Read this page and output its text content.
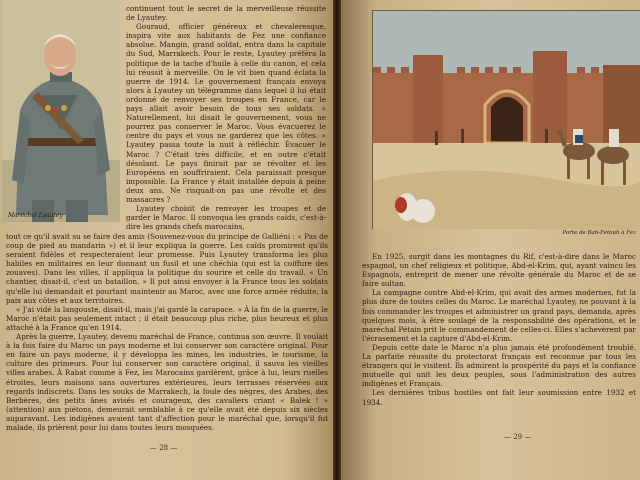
Maréchal Lyautey

continuent tout le secret de la merveilleuse réussite de Lyautey.

Gouraud, officier généreux et chevaleresque, inspira vite aux habitants de Fez une confiance absolue. Mangin, grand soldat, entra dans la capitale du Sud, Marrakech. Pour le reste, Lyautey préféra la politique de la tache d'huile à celle du canon, et cela lui réussit à merveille. On le vit bien quand éclata la guerre de 1914. Le gouvernement français envoya alors à Lyautey un télégramme dans lequel il lui était ordonné de renvoyer ses troupes en France, car le pays allait avoir besoin de tous ses soldats. « Naturellement, lui disait le gouvernement, vous ne pourrez pas conserver le Maroc. Vous évacuerez le centre du pays et vous ne garderez que les côtes. » Lyautey passa toute la nuit à réfléchir. Évacuer le Maroc ? C'était très difficile, et en outre c'était désolant. Le pays finirait par se révolter et les Européens en souffriraient. Cela paraissait presque impossible. La France y était installée depuis à peine deux ans. Ne risquait-on pas une révolte et des massacres ?

Lyautey choisit de renvoyer les troupes et de garder le Maroc. Il convoqua les grands caïds, c'est-à-dire les grands chefs marocains,

tout ce qu'il avait su se faire des amis (Souvenez-vous du principe de Galliéni : « Pas de coup de pied au mandarin ») et il leur expliqua la guerre. Les caïds promirent qu'ils seraient fidèles et respecteraient leur promesse. Puis Lyautey transforma les plus habiles en militaires en leur donnant un fusil et une chéchia (qui est la coiffure des zouaves). Dans les villes, il appliqua la politique du sourire et celle du travail. « Un chantier, disait-il, c'est un bataillon. » Il put ainsi envoyer à la France tous les soldats qu'elle lui demandait et pourtant maintenir au Maroc, avec une force armée réduite, la paix aux côtes et aux territoires.

« J'ai vidé la langouste, disait-il, mais j'ai gardé la carapace. » À la fin de la guerre, le Maroc n'était pas seulement intact ; il était beaucoup plus riche, plus heureux et plus attaché à la France qu'en 1914.

Après la guerre, Lyautey, devenu maréchal de France, continua son œuvre. Il voulait à la fois faire du Maroc un pays moderne et lui conserver son caractère original. Pour en faire un pays moderne, il y développa les mines, les industries, le tourisme, la culture des primeurs. Pour lui conserver son caractère original, il sauva les vieilles villes arabes. À Rabat comme à Fez, les Marocains gardèrent, grâce à lui, leurs ruelles étroites, leurs maisons sans ouvertures extérieures, leurs terrasses réservées aux regards indiscrets. Dans les souks de Marrakech, la foule des nègres, des Arabes, des Berbères, des petits ânes avisés et courageux, des cavaliers criant « Balek ! » (attention) aux piétons, demeurait semblable à ce qu'elle avait été depuis six siècles auparavant. Les indigènes avaient tant d'affection pour le maréchal que, lorsqu'il fut malade, ils prièrent pour lui dans toutes leurs mosquées.

— 28 —
Porte de Bab-Fetouh à Fez

En 1925, surgit dans les montagnes du Rif, c'est-à-dire dans le Maroc espagnol, un chef religieux et politique, Abd-el-Krim, qui, ayant vaincu les Espagnols, entreprit de mener une révolte générale du Maroc et de se faire sultan.

La campagne contre Abd-el-Krim, qui avait des armes modernes, fut la plus dure de toutes celles du Maroc. Le maréchal Lyautey, ne pouvant à la fois commander les troupes et administrer un grand pays, demanda, après quelques mois, à être soulagé de la responsabilité des opérations, et le maréchal Pétain prit le commandement de celles-ci. Elles s'achevèrent par l'écrasement et la capture d'Abd-el-Krim.

Depuis cette date le Maroc n'a plus jamais été profondément troublé. La parfaite réussite du protectorat français est reconnue par tous les étrangers qui le visitent. Ils admirent la prospérité du pays et la confiance mutuelle qui unit les deux peuples, sous l'administration des autres indigènes et Français.

Les dernières tribus hostiles ont fait leur soumission entre 1932 et 1934.

— 29 —
